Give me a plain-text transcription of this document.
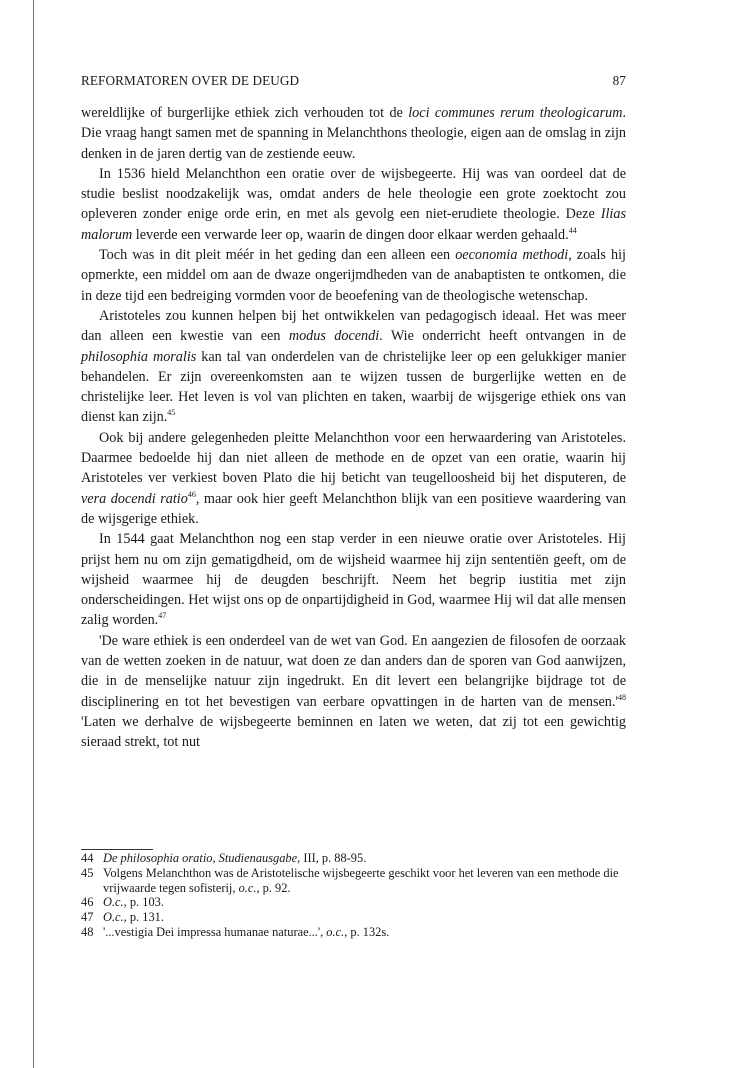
REFORMATOREN OVER DE DEUGD	87

wereldlijke of burgerlijke ethiek zich verhouden tot de loci communes rerum theologicarum. Die vraag hangt samen met de spanning in Melanchthons theologie, eigen aan de omslag in zijn denken in de jaren dertig van de zestiende eeuw.

In 1536 hield Melanchthon een oratie over de wijsbegeerte. Hij was van oordeel dat de studie beslist noodzakelijk was, omdat anders de hele theologie een grote zoektocht zou opleveren zonder enige orde erin, en met als gevolg een niet-erudiete theologie. Deze Ilias malorum leverde een verwarde leer op, waarin de dingen door elkaar werden gehaald.$^{44}$

Toch was in dit pleit méér in het geding dan een alleen een oeconomia methodi, zoals hij opmerkte, een middel om aan de dwaze ongerijmdheden van de anabaptisten te ontkomen, die in deze tijd een bedreiging vormden voor de beoefening van de theologische wetenschap.

Aristoteles zou kunnen helpen bij het ontwikkelen van pedagogisch ideaal. Het was meer dan alleen een kwestie van een modus docendi. Wie onderricht heeft ontvangen in de philosophia moralis kan tal van onderdelen van de christelijke leer op een gelukkiger manier behandelen. Er zijn overeenkomsten aan te wijzen tussen de burgerlijke wetten en de christelijke leer. Het leven is vol van plichten en taken, waarbij de wijsgerige ethiek ons van dienst kan zijn.$^{45}$

Ook bij andere gelegenheden pleitte Melanchthon voor een herwaardering van Aristoteles. Daarmee bedoelde hij dan niet alleen de methode en de opzet van een oratie, waarin hij Aristoteles ver verkiest boven Plato die hij beticht van teugelloosheid bij het disputeren, de vera docendi ratio$^{46}$, maar ook hier geeft Melanchthon blijk van een positieve waardering van de wijsgerige ethiek.

In 1544 gaat Melanchthon nog een stap verder in een nieuwe oratie over Aristoteles. Hij prijst hem nu om zijn gematigdheid, om de wijsheid waarmee hij zijn sententiën geeft, om de wijsheid waarmee hij de deugden beschrijft. Neem het begrip iustitia met zijn onderscheidingen. Het wijst ons op de onpartijdigheid in God, waarmee Hij wil dat alle mensen zalig worden.$^{47}$

'De ware ethiek is een onderdeel van de wet van God. En aangezien de filosofen de oorzaak van de wetten zoeken in de natuur, wat doen ze dan anders dan de sporen van God aanwijzen, die in de menselijke natuur zijn ingedrukt. En dit levert een belangrijke bijdrage tot de disciplinering en tot het bevestigen van eerbare opvattingen in de harten van de $mensen.'^{48}$ 'Laten we derhalve de wijsbegeerte beminnen en laten we weten, dat zij tot een gewichtig sieraad strekt, tot nut

44 De philosophia oratio, Studienausgabe, III, p. 88-95.
45 Volgens Melanchthon was de Aristotelische wijsbegeerte geschikt voor het leveren van een methode die vrijwaarde tegen sofisterij, o.c., p. 92.
46 O.c., p. 103.
47 O.c., p. 131.
48 '...vestigia Dei impressa humanae naturae...', o.c., p. 132s.
